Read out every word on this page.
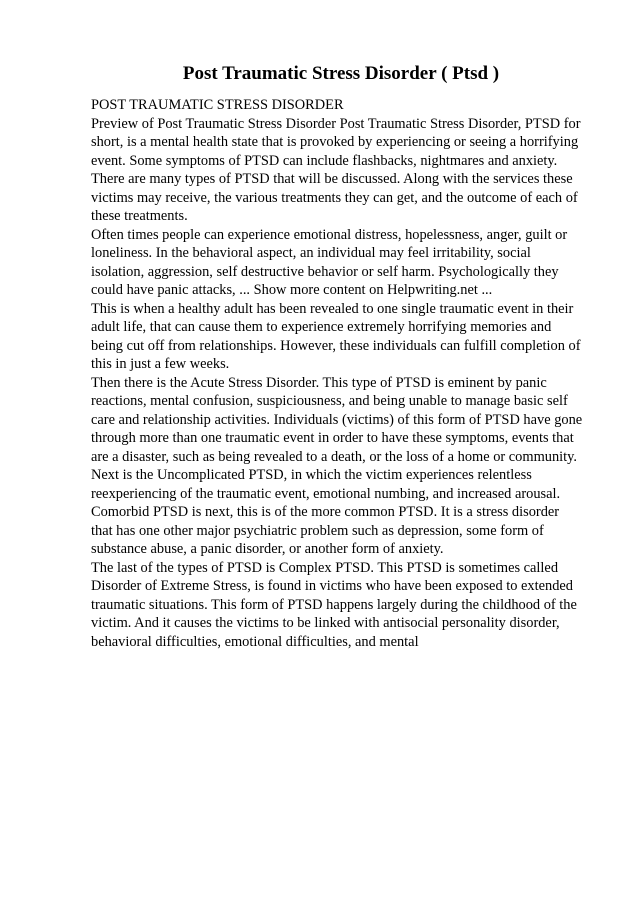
Post Traumatic Stress Disorder ( Ptsd )
POST TRAUMATIC STRESS DISORDER
Preview of Post Traumatic Stress Disorder Post Traumatic Stress Disorder, PTSD for
short, is a mental health state that is provoked by experiencing or seeing a horrifying
event. Some symptoms of PTSD can include flashbacks, nightmares and anxiety.
There are many types of PTSD that will be discussed. Along with the services these
victims may receive, the various treatments they can get, and the outcome of each of
these treatments.
Often times people can experience emotional distress, hopelessness, anger, guilt or
loneliness. In the behavioral aspect, an individual may feel irritability, social
isolation, aggression, self destructive behavior or self harm. Psychologically they
could have panic attacks, ... Show more content on Helpwriting.net ...
This is when a healthy adult has been revealed to one single traumatic event in their
adult life, that can cause them to experience extremely horrifying memories and
being cut off from relationships. However, these individuals can fulfill completion of
this in just a few weeks.
Then there is the Acute Stress Disorder. This type of PTSD is eminent by panic
reactions, mental confusion, suspiciousness, and being unable to manage basic self
care and relationship activities. Individuals (victims) of this form of PTSD have gone
through more than one traumatic event in order to have these symptoms, events that
are a disaster, such as being revealed to a death, or the loss of a home or community.
Next is the Uncomplicated PTSD, in which the victim experiences relentless
reexperiencing of the traumatic event, emotional numbing, and increased arousal.
Comorbid PTSD is next, this is of the more common PTSD. It is a stress disorder
that has one other major psychiatric problem such as depression, some form of
substance abuse, a panic disorder, or another form of anxiety.
The last of the types of PTSD is Complex PTSD. This PTSD is sometimes called
Disorder of Extreme Stress, is found in victims who have been exposed to extended
traumatic situations. This form of PTSD happens largely during the childhood of the
victim. And it causes the victims to be linked with antisocial personality disorder,
behavioral difficulties, emotional difficulties, and mental
